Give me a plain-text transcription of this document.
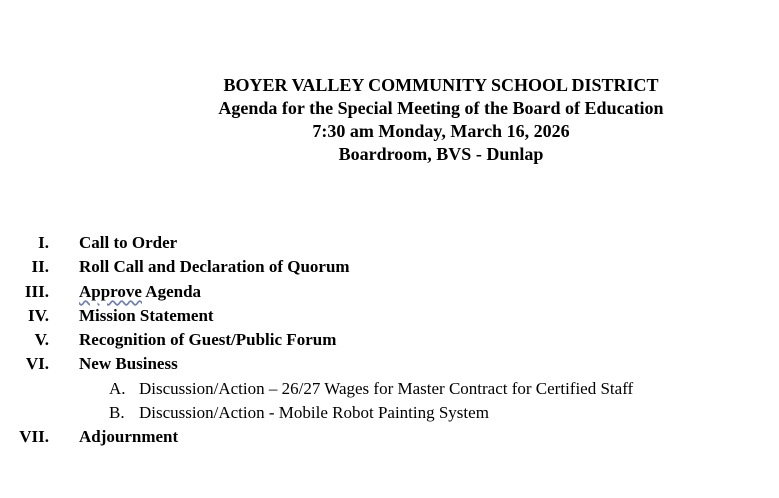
BOYER VALLEY COMMUNITY SCHOOL DISTRICT
Agenda for the Special Meeting of the Board of Education
7:30 am Monday, March 16, 2026
Boardroom, BVS - Dunlap
I. Call to Order
II. Roll Call and Declaration of Quorum
III. Approve Agenda
IV. Mission Statement
V. Recognition of Guest/Public Forum
VI. New Business
A. Discussion/Action – 26/27 Wages for Master Contract for Certified Staff
B. Discussion/Action - Mobile Robot Painting System
VII. Adjournment
